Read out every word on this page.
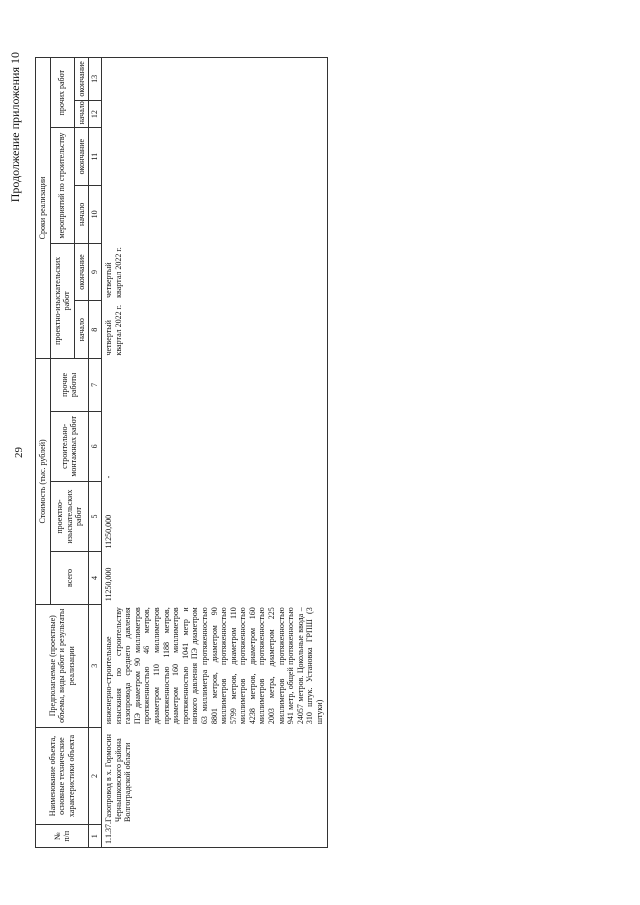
29
Продолжение приложения 10
№ п/п	Наименование объекта, основные технические характеристики объекта	Предполагаемые (проектные) объемы, виды работ и результаты реализации	Стоимость (тыс. рублей)				Сроки реализации					
			всего	проектно-изыскательских работ	строительно-монтажных работ	прочие работы	проектно-изыскательских работ		мероприятий по строительству		прочих работ	
							начало	окончание	начало	окончание	начало	окончание
1	2	3	4	5	6	7	8	9	10	11	12	13
1.1.37.	Газопровод в х. Гормосин Чернышковского района Волгоградской области	инженерно-строительные изыскания по строительству газопровода среднего давления ПЭ диаметром 90 миллиметров протяженностью 46 метров, диаметром 110 миллиметров протяженностью 1188 метров, диаметром 160 миллиметров протяженностью 1041 метр и низкого давления ПЭ диаметром 63 миллиметра протяженностью 8801 метров, диаметром 90 миллиметров протяженностью 5799 метров, диаметром 110 миллиметров протяженностью 4238 метров, диаметром 160 миллиметров протяженностью 2003 метра, диаметром 225 миллиметров протяженностью 941 метр, общей протяженностью 24057 метров. Цокольные ввода – 310 штук. Установка ГРПШ (3 штуки)	11250,000	11250,000	-		четвертый квартал 2022 г.	четвертый квартал 2022 г.				
